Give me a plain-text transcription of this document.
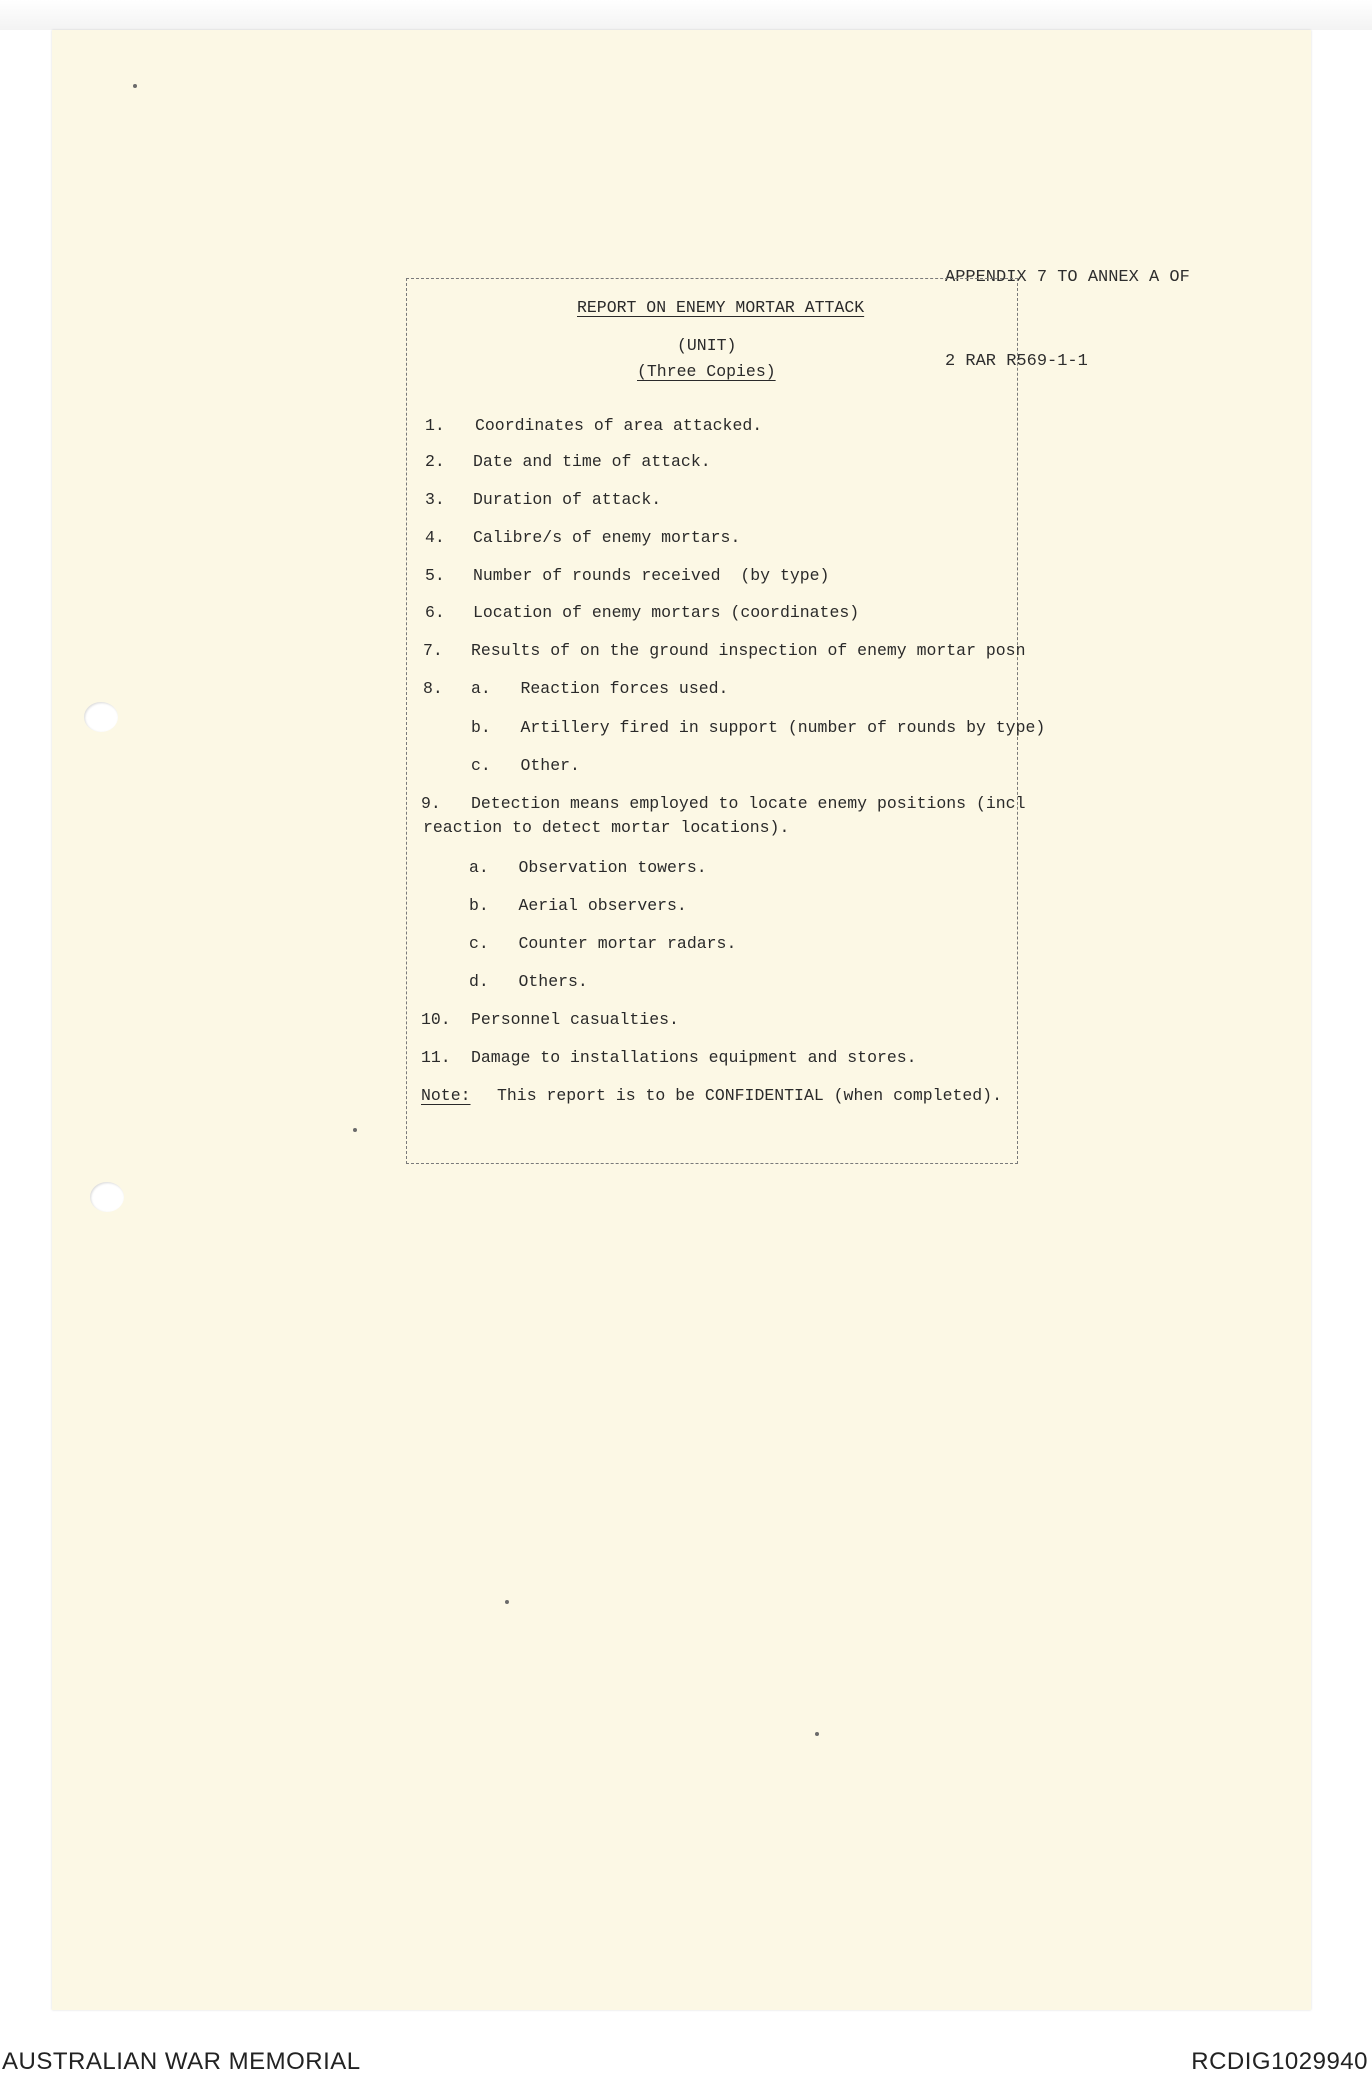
APPENDIX 7 TO ANNEX A OF

2 RAR R569-1-1

REPORT ON ENEMY MORTAR ATTACK
(UNIT)
(Three Copies)
1. Coordinates of area attacked.
2. Date and time of attack.
3. Duration of attack.
4. Calibre/s of enemy mortars.
5. Number of rounds received  (by type)
6. Location of enemy mortars (coordinates)
7. Results of on the ground inspection of enemy mortar posn
8. a.   Reaction forces used.
b.   Artillery fired in support (number of rounds by type)
c.   Other.
9. Detection means employed to locate enemy positions (incl
reaction to detect mortar locations).
a.   Observation towers.
b.   Aerial observers.
c.   Counter mortar radars.
d.   Others.
10. Personnel casualties.
11. Damage to installations equipment and stores.
Note: This report is to be CONFIDENTIAL (when completed).
AUSTRALIAN WAR MEMORIAL	RCDIG1029940
